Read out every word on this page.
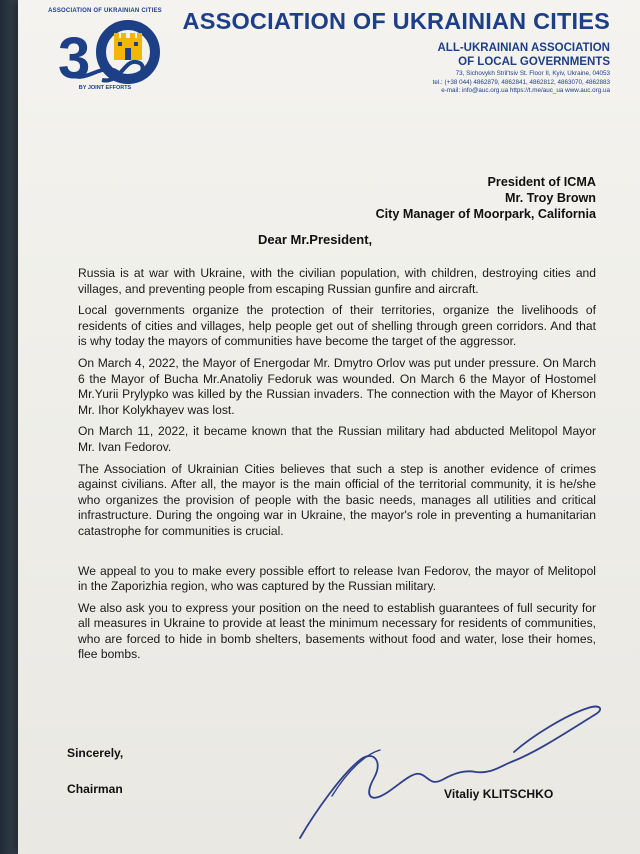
ASSOCIATION OF UKRAINIAN CITIES
3
BY JOINT EFFORTS
ASSOCIATION OF UKRAINIAN CITIES
ALL-UKRAINIAN ASSOCIATION
OF LOCAL GOVERNMENTS
73, Sichovykh Stril'tsiv St. Floor II, Kyiv, Ukraine, 04053
tel.: (+38 044) 4862879, 4862841, 4862812, 4863070, 4862883
e-mail: info@auc.org.ua https://t.me/auc_ua www.auc.org.ua
President of ICMA
Mr. Troy Brown
City Manager of Moorpark, California
Dear Mr.President,

Russia is at war with Ukraine, with the civilian population, with children, destroying cities and villages, and preventing people from escaping Russian gunfire and aircraft.

Local governments organize the protection of their territories, organize the livelihoods of residents of cities and villages, help people get out of shelling through green corridors. And that is why today the mayors of communities have become the target of the aggressor.

On March 4, 2022, the Mayor of Energodar Mr. Dmytro Orlov was put under pressure. On March 6 the Mayor of Bucha Mr.Anatoliy Fedoruk was wounded. On March 6 the Mayor of Hostomel Mr.Yurii Prylypko was killed by the Russian invaders. The connection with the Mayor of Kherson Mr. Ihor Kolykhayev was lost.

On March 11, 2022, it became known that the Russian military had abducted Melitopol Mayor Mr. Ivan Fedorov.

The Association of Ukrainian Cities believes that such a step is another evidence of crimes against civilians. After all, the mayor is the main official of the territorial community, it is he/she who organizes the provision of people with the basic needs, manages all utilities and critical infrastructure. During the ongoing war in Ukraine, the mayor's role in preventing a humanitarian catastrophe for communities is crucial.

We appeal to you to make every possible effort to release Ivan Fedorov, the mayor of Melitopol in the Zaporizhia region, who was captured by the Russian military.

We also ask you to express your position on the need to establish guarantees of full security for all measures in Ukraine to provide at least the minimum necessary for residents of communities, who are forced to hide in bomb shelters, basements without food and water, lose their homes, flee bombs.

Sincerely,
Chairman	Vitaliy KLITSCHKO
